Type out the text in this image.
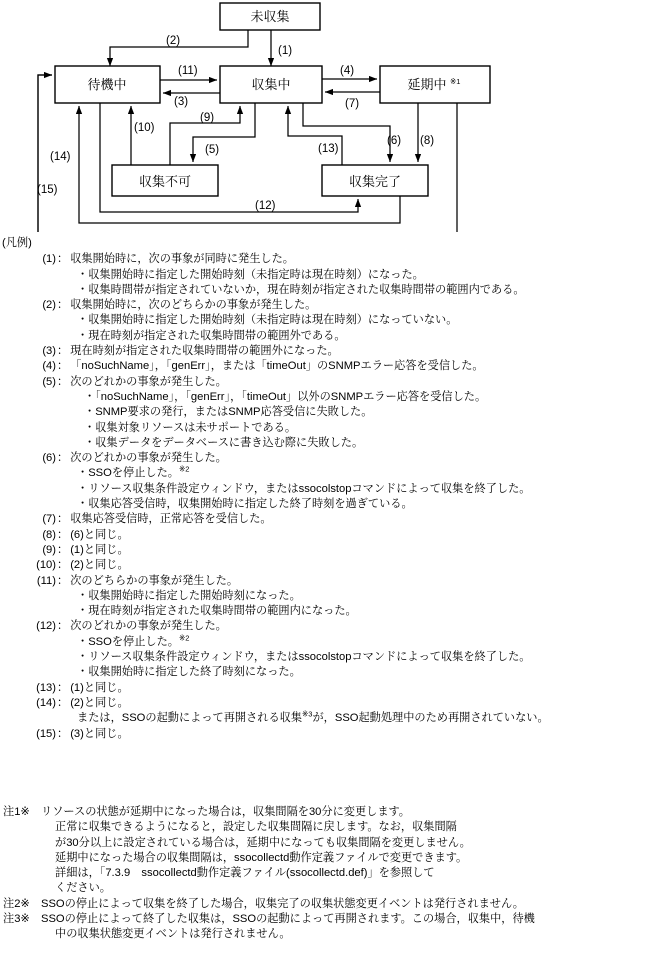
未収集
待機中	収集中	延期中 ※1
収集不可	収集完了
(1)
(2)
(3)
(4)
(5)
(6)
(7)
(8)
(9)
(10)
(11)
(12)
(13)
(14)
(15)
(凡例)
(1) ： 収集開始時に，次の事象が同時に発生した。
・収集開始時に指定した開始時刻（未指定時は現在時刻）になった。
・収集時間帯が指定されていないか，現在時刻が指定された収集時間帯の範囲内である。
(2) ： 収集開始時に，次のどちらかの事象が発生した。
・収集開始時に指定した開始時刻（未指定時は現在時刻）になっていない。
・現在時刻が指定された収集時間帯の範囲外である。
(3) ： 現在時刻が指定された収集時間帯の範囲外になった。
(4) ： 「noSuchName」，「genErr」，または「timeOut」のSNMPエラー応答を受信した。
(5) ： 次のどれかの事象が発生した。
・「noSuchName」，「genErr」，「timeOut」以外のSNMPエラー応答を受信した。
・SNMP要求の発行，またはSNMP応答受信に失敗した。
・収集対象リソースは未サポートである。
・収集データをデータベースに書き込む際に失敗した。
(6) ： 次のどれかの事象が発生した。
・SSOを停止した。$^{※2}$
・リソース収集条件設定ウィンドウ，またはssocolstopコマンドによって収集を終了した。
・収集応答受信時，収集開始時に指定した終了時刻を過ぎている。
(7) ： 収集応答受信時，正常応答を受信した。
(8) ： (6)と同じ。
(9) ： (1)と同じ。
(10) ： (2)と同じ。
(11) ： 次のどちらかの事象が発生した。
・収集開始時に指定した開始時刻になった。
・現在時刻が指定された収集時間帯の範囲内になった。
(12) ： 次のどれかの事象が発生した。
・SSOを停止した。$^{※2}$
・リソース収集条件設定ウィンドウ，またはssocolstopコマンドによって収集を終了した。
・収集開始時に指定した終了時刻になった。
(13) ： (1)と同じ。
(14) ： (2)と同じ。
または，SSOの起動によって再開される収集$^{※3}$が，SSO起動処理中のため再開されていない。
(15) ： (3)と同じ。
注1※	リソースの状態が延期中になった場合は，収集間隔を30分に変更します。
正常に収集できるようになると，設定した収集間隔に戻します。なお，収集間隔
が30分以上に設定されている場合は，延期中になっても収集間隔を変更しません。
延期中になった場合の収集間隔は，ssocollectd動作定義ファイルで変更できます。
詳細は，「7.3.9　ssocollectd動作定義ファイル(ssocollectd.def)」を参照して
ください。
注2※	SSOの停止によって収集を終了した場合，収集完了の収集状態変更イベントは発行されません。
注3※	SSOの停止によって終了した収集は，SSOの起動によって再開されます。この場合，収集中，待機
中の収集状態変更イベントは発行されません。
